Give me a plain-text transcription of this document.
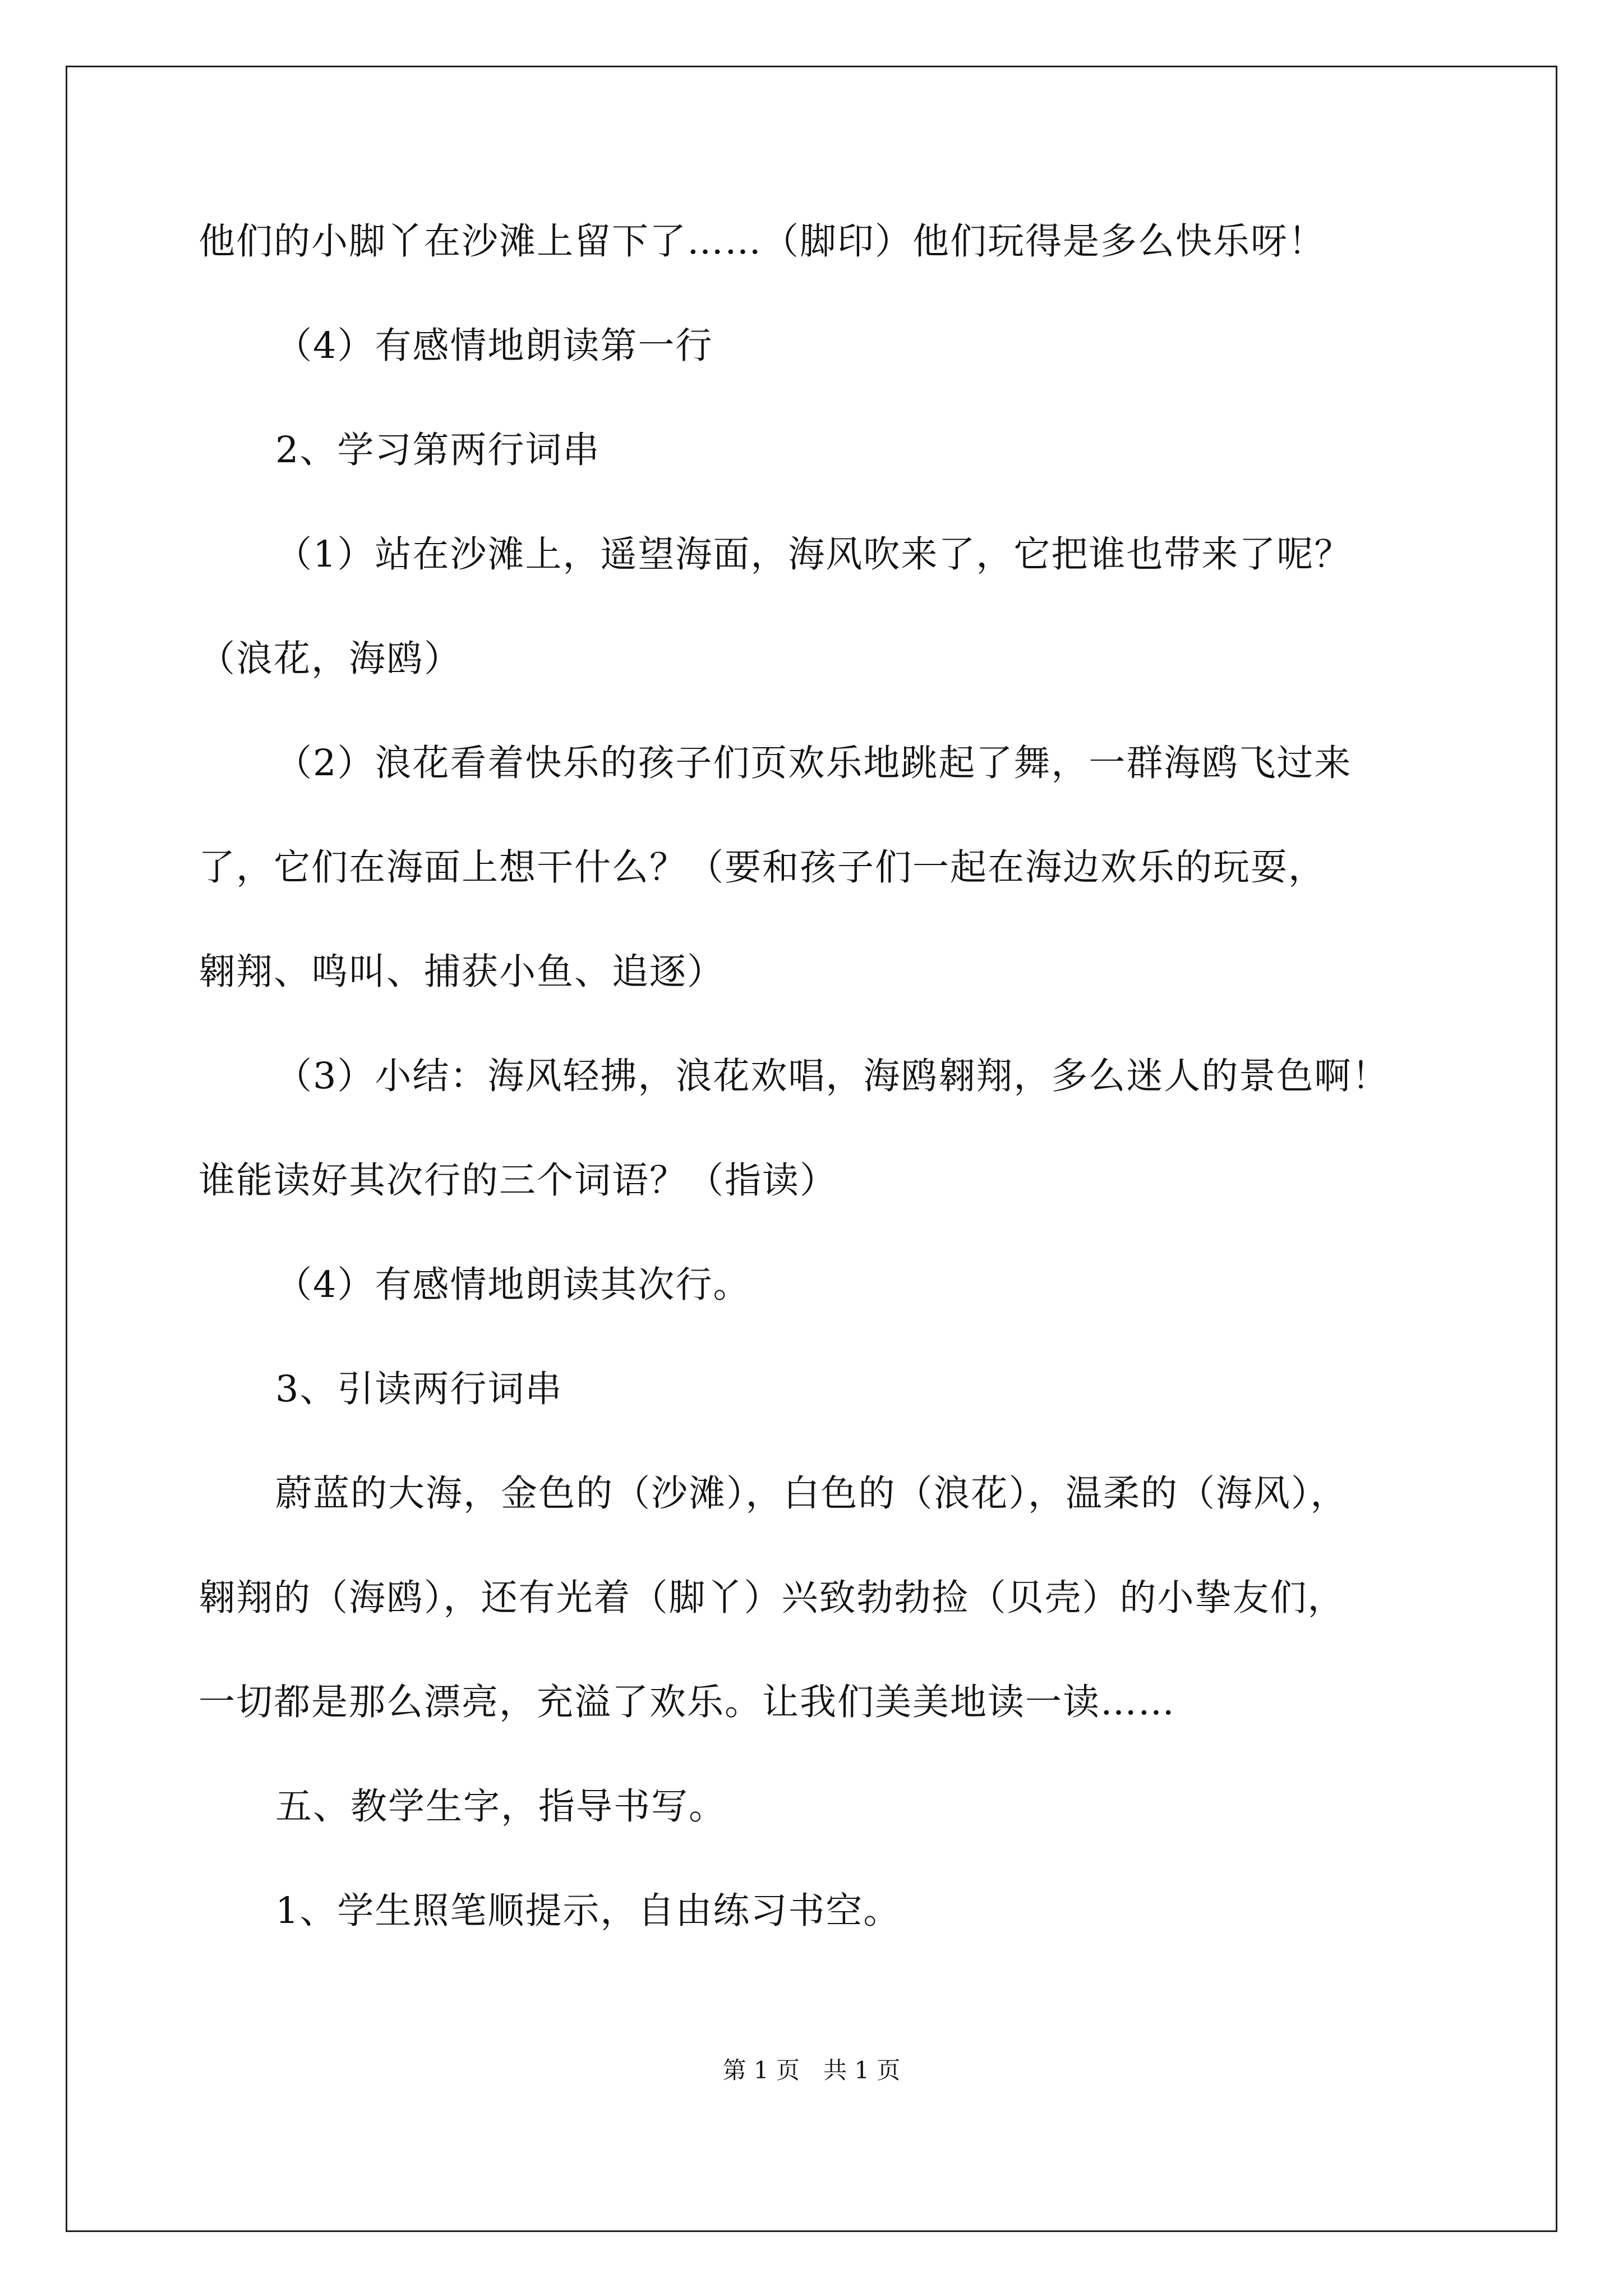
他们的小脚丫在沙滩上留下了……（脚印）他们玩得是多么快乐呀！
（4）有感情地朗读第一行
2、学习第两行词串
（1）站在沙滩上，遥望海面，海风吹来了，它把谁也带来了呢？
（浪花，海鸥）
（2）浪花看着快乐的孩子们页欢乐地跳起了舞，一群海鸥飞过来
了，它们在海面上想干什么？（要和孩子们一起在海边欢乐的玩耍，
翱翔、鸣叫、捕获小鱼、追逐）
（3）小结：海风轻拂，浪花欢唱，海鸥翱翔，多么迷人的景色啊！
谁能读好其次行的三个词语？（指读）
（4）有感情地朗读其次行。
3、引读两行词串
蔚蓝的大海，金色的（沙滩），白色的（浪花），温柔的（海风），
翱翔的（海鸥），还有光着（脚丫）兴致勃勃捡（贝壳）的小挚友们，
一切都是那么漂亮，充溢了欢乐。让我们美美地读一读……
五、教学生字，指导书写。
1、学生照笔顺提示，自由练习书空。
第 1 页　共 1 页
